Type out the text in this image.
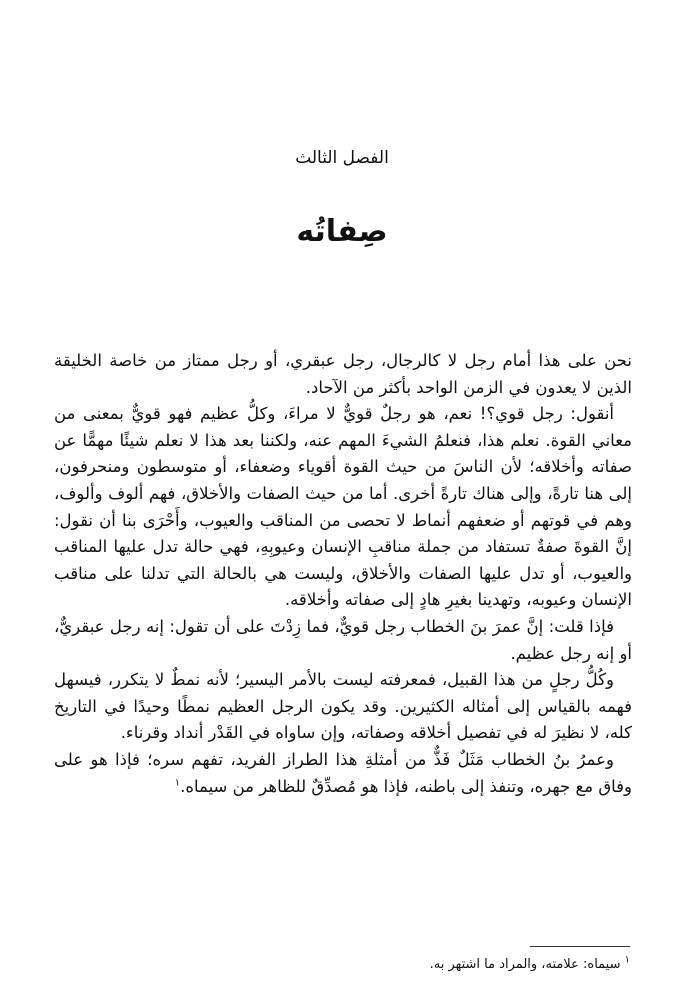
الفصل الثالث
صِفاتُه

نحن على هذا أمام رجل لا كالرجال، رجل عبقري، أو رجل ممتاز من خاصة الخليقة الذين لا يعدون في الزمن الواحد بأكثر من الآحاد.

أنقول: رجل قوي؟! نعم، هو رجلٌ قويٌّ لا مراءَ، وكلُّ عظيم فهو قويٌّ بمعنى من معاني القوة. نعلم هذا، فنعلمُ الشيءَ المهم عنه، ولكننا بعد هذا لا نعلم شيئًا مهمًّا عن صفاته وأخلاقه؛ لأن الناسَ من حيث القوة أقوياء وضعفاء، أو متوسطون ومنحرفون، إلى هنا تارةً، وإلى هناك تارةً أخرى. أما من حيث الصفات والأخلاق، فهم ألوف وألوف، وهم في قوتهم أو ضعفهم أنماط لا تحصى من المناقب والعيوب، وأَحْرَى بنا أن نقول: إنَّ القوةَ صفةٌ تستفاد من جملة مناقبِ الإنسان وعيوبِهِ، فهي حالة تدل عليها المناقب والعيوب، أو تدل عليها الصفات والأخلاق، وليست هي بالحالة التي تدلنا على مناقب الإنسان وعيوبه، وتهدينا بغيرِ هادٍ إلى صفاته وأخلاقه.

فإذا قلت: إنَّ عمرَ بنَ الخطاب رجل قويٌّ، فما زِدْتَ على أن تقول: إنه رجل عبقريٌّ، أو إنه رجل عظيم.

وكُلُّ رجلٍ من هذا القبيل، فمعرفته ليست بالأمر اليسير؛ لأنه نمطٌ لا يتكرر، فيسهل فهمه بالقياس إلى أمثاله الكثيرين. وقد يكون الرجل العظيم نمطًا وحيدًا في التاريخ كله، لا نظيرَ له في تفصيل أخلاقه وصفاته، وإن ساواه في القَدْر أنداد وقرناء.

وعمرُ بنُ الخطاب مَثَلٌ فَذٌّ من أمثلةِ هذا الطراز الفريد، تفهم سره؛ فإذا هو على وفاق مع جهره، وتنفذ إلى باطنه، فإذا هو مُصدِّقٌ للظاهر من سيماه.$^١$

$^١$ سيماه: علامته، والمراد ما اشتهر به.
